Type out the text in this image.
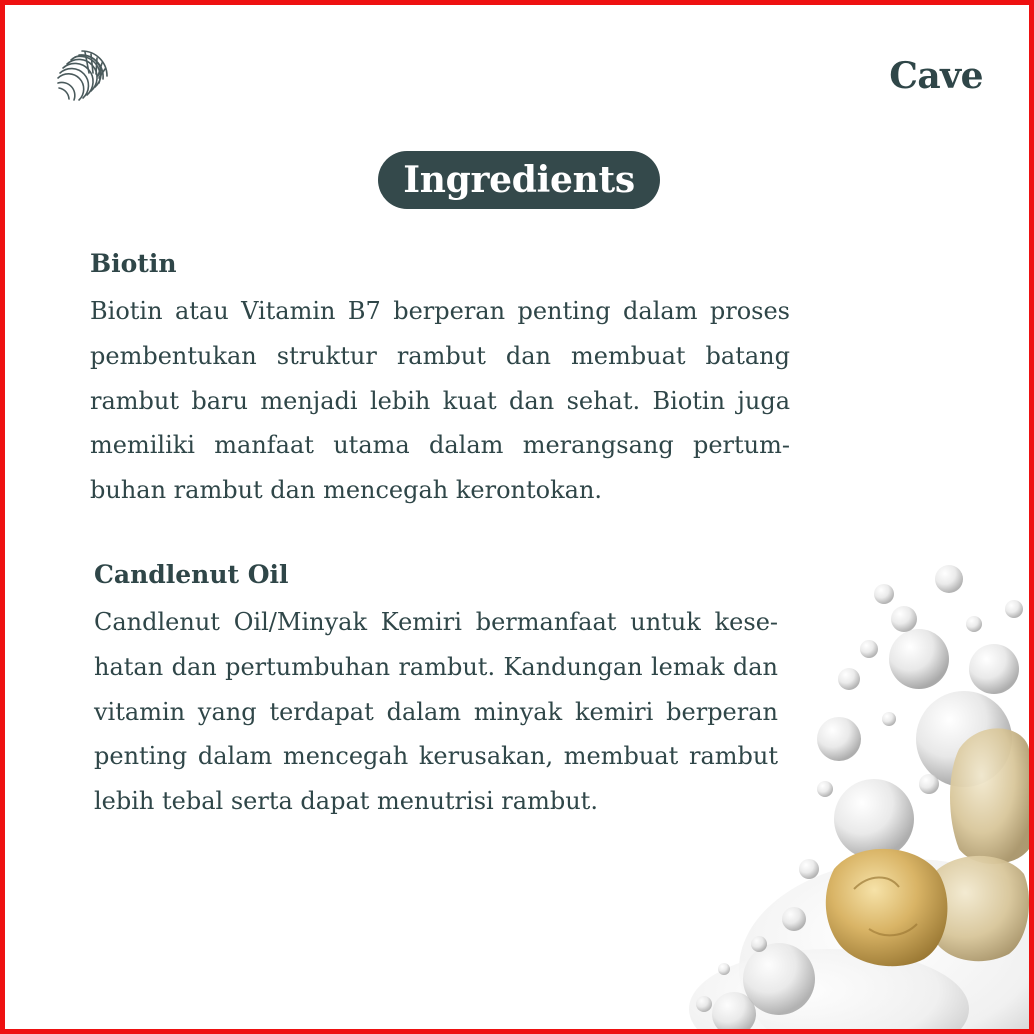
Cave
Ingredients
Biotin

Biotin atau Vitamin B7 berperan penting dalam proses pembentukan struktur rambut dan membuat batang rambut baru menjadi lebih kuat dan sehat. Biotin juga memiliki manfaat utama dalam merangsang pertumbuhan rambut dan mencegah kerontokan.

Candlenut Oil

Candlenut Oil/Minyak Kemiri bermanfaat untuk kesehatan dan pertumbuhan rambut. Kandungan lemak dan vitamin yang terdapat dalam minyak kemiri berperan penting dalam mencegah kerusakan, membuat rambut lebih tebal serta dapat menutrisi rambut.
